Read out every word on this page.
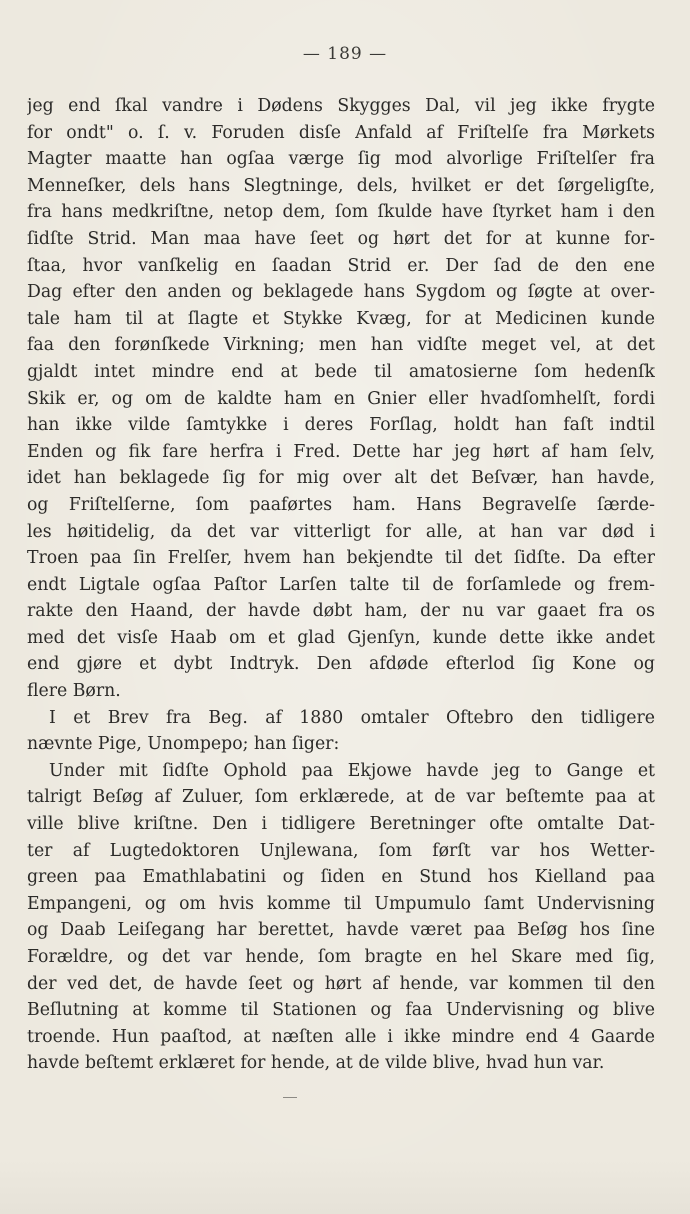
— 189 —
jeg end ſkal vandre i Dødens Skygges Dal, vil jeg ikke frygte
for ondt" o. ſ. v. Foruden disſe Anfald af Friſtelſe fra Mørkets
Magter maatte han ogſaa værge ſig mod alvorlige Friſtelſer fra
Menneſker, dels hans Slegtninge, dels, hvilket er det ſørgeligſte,
fra hans medkriſtne, netop dem, ſom ſkulde have ſtyrket ham i den
ſidſte Strid. Man maa have ſeet og hørt det for at kunne for-
ſtaa, hvor vanſkelig en ſaadan Strid er. Der ſad de den ene
Dag efter den anden og beklagede hans Sygdom og ſøgte at over-
tale ham til at ſlagte et Stykke Kvæg, for at Medicinen kunde
faa den forønſkede Virkning; men han vidſte meget vel, at det
gjaldt intet mindre end at bede til amatosierne ſom hedenſk
Skik er, og om de kaldte ham en Gnier eller hvadſomhelſt, fordi
han ikke vilde ſamtykke i deres Forſlag, holdt han faſt indtil
Enden og fik fare herfra i Fred. Dette har jeg hørt af ham ſelv,
idet han beklagede ſig for mig over alt det Beſvær, han havde,
og Friſtelſerne, ſom paaførtes ham. Hans Begravelſe ſærde-
les høitidelig, da det var vitterligt for alle, at han var død i
Troen paa ſin Frelſer, hvem han bekjendte til det ſidſte. Da efter
endt Ligtale ogſaa Paſtor Larſen talte til de forſamlede og frem-
rakte den Haand, der havde døbt ham, der nu var gaaet fra os
med det visſe Haab om et glad Gjenſyn, kunde dette ikke andet
end gjøre et dybt Indtryk. Den afdøde efterlod ſig Kone og
flere Børn.
I et Brev fra Beg. af 1880 omtaler Oftebro den tidligere
nævnte Pige, Unompepo; han ſiger:
Under mit ſidſte Ophold paa Ekjowe havde jeg to Gange et
talrigt Beſøg af Zuluer, ſom erklærede, at de var beſtemte paa at
ville blive kriſtne. Den i tidligere Beretninger ofte omtalte Dat-
ter af Lugtedoktoren Unjlewana, ſom førſt var hos Wetter-
green paa Emathlabatini og ſiden en Stund hos Kielland paa
Empangeni, og om hvis komme til Umpumulo ſamt Undervisning
og Daab Leiſegang har berettet, havde været paa Beſøg hos ſine
Forældre, og det var hende, ſom bragte en hel Skare med ſig,
der ved det, de havde ſeet og hørt af hende, var kommen til den
Beſlutning at komme til Stationen og faa Undervisning og blive
troende. Hun paaſtod, at næſten alle i ikke mindre end 4 Gaarde
havde beſtemt erklæret for hende, at de vilde blive, hvad hun var.
